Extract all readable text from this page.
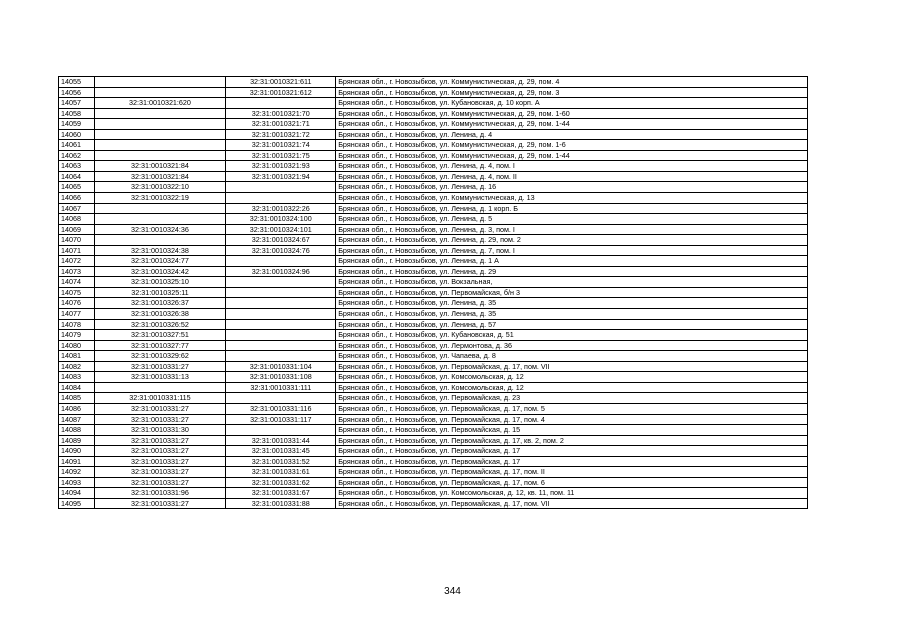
14055		32:31:0010321:611	Брянская обл., г. Новозыбков, ул. Коммунистическая, д. 29, пом. 4
14056		32:31:0010321:612	Брянская обл., г. Новозыбков, ул. Коммунистическая, д. 29, пом. 3
14057	32:31:0010321:620		Брянская обл., г. Новозыбков, ул. Кубановская, д. 10 корп. А
14058		32:31:0010321:70	Брянская обл., г. Новозыбков, ул. Коммунистическая, д. 29, пом. 1-60
14059		32:31:0010321:71	Брянская обл., г. Новозыбков, ул. Коммунистическая, д. 29, пом. 1-44
14060		32:31:0010321:72	Брянская обл., г. Новозыбков, ул. Ленина, д. 4
14061		32:31:0010321:74	Брянская обл., г. Новозыбков, ул. Коммунистическая, д. 29, пом. 1-6
14062		32:31:0010321:75	Брянская обл., г. Новозыбков, ул. Коммунистическая, д. 29, пом. 1-44
14063	32:31:0010321:84	32:31:0010321:93	Брянская обл., г. Новозыбков, ул. Ленина, д. 4, пом. I
14064	32:31:0010321:84	32:31:0010321:94	Брянская обл., г. Новозыбков, ул. Ленина, д. 4, пом. II
14065	32:31:0010322:10		Брянская обл., г. Новозыбков, ул. Ленина, д. 16
14066	32:31:0010322:19		Брянская обл., г. Новозыбков, ул. Коммунистическая, д. 13
14067		32:31:0010322:26	Брянская обл., г. Новозыбков, ул. Ленина, д. 1 корп. Б
14068		32:31:0010324:100	Брянская обл., г. Новозыбков, ул. Ленина, д. 5
14069	32:31:0010324:36	32:31:0010324:101	Брянская обл., г. Новозыбков, ул. Ленина, д. 3, пом. I
14070		32:31:0010324:67	Брянская обл., г. Новозыбков, ул. Ленина, д. 29, пом. 2
14071	32:31:0010324:38	32:31:0010324:76	Брянская обл., г. Новозыбков, ул. Ленина, д. 7, пом. I
14072	32:31:0010324:77		Брянская обл., г. Новозыбков, ул. Ленина, д. 1 А
14073	32:31:0010324:42	32:31:0010324:96	Брянская обл., г. Новозыбков, ул. Ленина, д. 29
14074	32:31:0010325:10		Брянская обл., г. Новозыбков, ул. Вокзальная,
14075	32:31:0010325:11		Брянская обл., г. Новозыбков, ул. Первомайская, б/н 3
14076	32:31:0010326:37		Брянская обл., г. Новозыбков, ул. Ленина, д. 35
14077	32:31:0010326:38		Брянская обл., г. Новозыбков, ул. Ленина, д. 35
14078	32:31:0010326:52		Брянская обл., г. Новозыбков, ул. Ленина, д. 57
14079	32:31:0010327:51		Брянская обл., г. Новозыбков, ул. Кубановская, д. 51
14080	32:31:0010327:77		Брянская обл., г. Новозыбков, ул. Лермонтова, д. 36
14081	32:31:0010329:62		Брянская обл., г. Новозыбков, ул. Чапаева, д. 8
14082	32:31:0010331:27	32:31:0010331:104	Брянская обл., г. Новозыбков, ул. Первомайская, д. 17, пом. VII
14083	32:31:0010331:13	32:31:0010331:108	Брянская обл., г. Новозыбков, ул. Комсомольская, д. 12
14084		32:31:0010331:111	Брянская обл., г. Новозыбков, ул. Комсомольская, д. 12
14085	32:31:0010331:115		Брянская обл., г. Новозыбков, ул. Первомайская, д. 23
14086	32:31:0010331:27	32:31:0010331:116	Брянская обл., г. Новозыбков, ул. Первомайская, д. 17, пом. 5
14087	32:31:0010331:27	32:31:0010331:117	Брянская обл., г. Новозыбков, ул. Первомайская, д. 17, пом. 4
14088	32:31:0010331:30		Брянская обл., г. Новозыбков, ул. Первомайская, д. 15
14089	32:31:0010331:27	32:31:0010331:44	Брянская обл., г. Новозыбков, ул. Первомайская, д. 17, кв. 2, пом. 2
14090	32:31:0010331:27	32:31:0010331:45	Брянская обл., г. Новозыбков, ул. Первомайская, д. 17
14091	32:31:0010331:27	32:31:0010331:52	Брянская обл., г. Новозыбков, ул. Первомайская, д. 17
14092	32:31:0010331:27	32:31:0010331:61	Брянская обл., г. Новозыбков, ул. Первомайская, д. 17, пом. II
14093	32:31:0010331:27	32:31:0010331:62	Брянская обл., г. Новозыбков, ул. Первомайская, д. 17, пом. 6
14094	32:31:0010331:96	32:31:0010331:67	Брянская обл., г. Новозыбков, ул. Комсомольская, д. 12, кв. 11, пом. 11
14095	32:31:0010331:27	32:31:0010331:88	Брянская обл., г. Новозыбков, ул. Первомайская, д. 17, пом. VII
344
